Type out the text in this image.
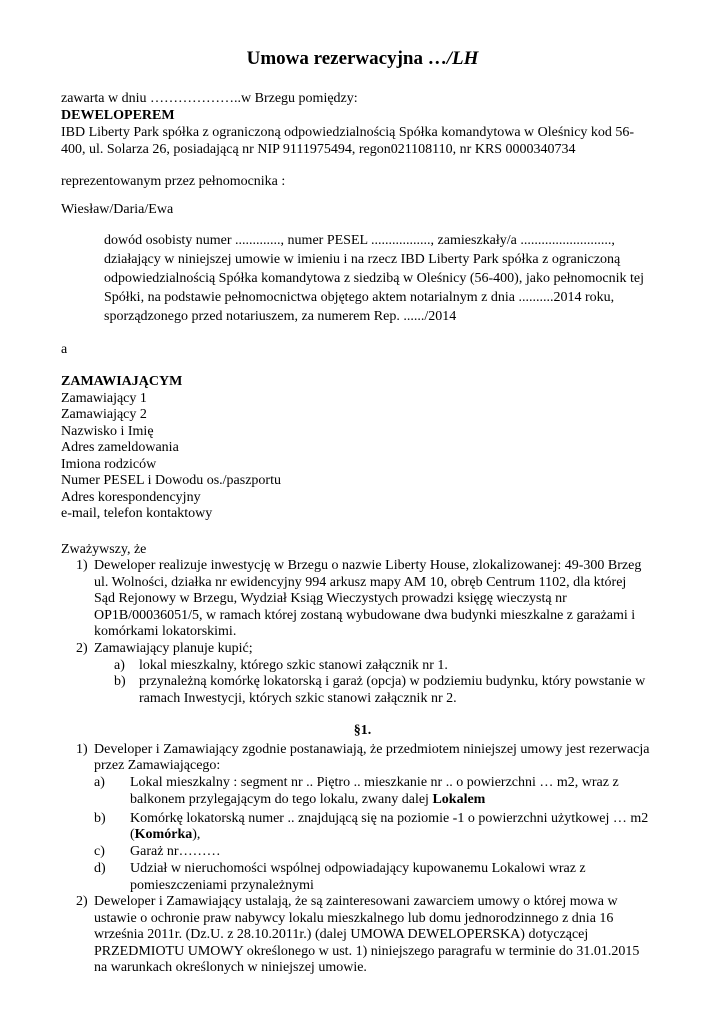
Umowa rezerwacyjna …/LH

zawarta w dniu ………………..w Brzegu pomiędzy:

DEWELOPEREM

IBD Liberty Park spółka z ograniczoną odpowiedzialnością Spółka komandytowa w Oleśnicy kod 56-

400, ul. Solarza 26, posiadającą nr NIP 9111975494, regon021108110, nr KRS 0000340734

reprezentowanym przez pełnomocnika :

Wiesław/Daria/Ewa

dowód osobisty numer ............., numer PESEL ................., zamieszkały/a ..........................,

działający w niniejszej umowie w imieniu i na rzecz IBD Liberty Park spółka z ograniczoną

odpowiedzialnością Spółka komandytowa z siedzibą w Oleśnicy (56-400), jako pełnomocnik tej

Spółki, na podstawie pełnomocnictwa objętego aktem notarialnym z dnia ..........2014 roku,

sporządzonego przed notariuszem, za numerem Rep. ....../2014

a

ZAMAWIAJĄCYM

Zamawiający 1

Zamawiający 2

Nazwisko i Imię

Adres zameldowania

Imiona rodziców

Numer PESEL i Dowodu os./paszportu

Adres korespondencyjny

e-mail, telefon kontaktowy

Zważywszy, że

1) Deweloper realizuje inwestycję w Brzegu o nazwie Liberty House, zlokalizowanej: 49-300 Brzeg

ul. Wolności, działka nr ewidencyjny 994 arkusz mapy AM 10, obręb Centrum 1102, dla której

Sąd Rejonowy w Brzegu, Wydział Ksiąg Wieczystych prowadzi księgę wieczystą nr

OP1B/00036051/5, w ramach której zostaną wybudowane dwa budynki mieszkalne z garażami i

komórkami lokatorskimi.

2) Zamawiający planuje kupić;

a) lokal mieszkalny, którego szkic stanowi załącznik nr 1.

b) przynależną komórkę lokatorską i garaż (opcja) w podziemiu budynku, który powstanie w

ramach Inwestycji, których szkic stanowi załącznik nr 2.

§1.

1) Developer i Zamawiający zgodnie postanawiają, że przedmiotem niniejszej umowy jest rezerwacja

przez Zamawiającego:

a) Lokal mieszkalny : segment nr .. Piętro .. mieszkanie nr .. o powierzchni … m2, wraz z

balkonem przylegającym do tego lokalu, zwany dalej Lokalem

b) Komórkę lokatorską numer .. znajdującą się na poziomie -1 o powierzchni użytkowej … m2

(Komórka),

c) Garaż nr………

d) Udział w nieruchomości wspólnej odpowiadający kupowanemu Lokalowi wraz z

pomieszczeniami przynależnymi

2) Deweloper i Zamawiający ustalają, że są zainteresowani zawarciem umowy o której mowa w

ustawie o ochronie praw nabywcy lokalu mieszkalnego lub domu jednorodzinnego z dnia 16

września 2011r. (Dz.U. z 28.10.2011r.) (dalej UMOWA DEWELOPERSKA) dotyczącej

PRZEDMIOTU UMOWY określonego w ust. 1) niniejszego paragrafu w terminie do 31.01.2015

na warunkach określonych w niniejszej umowie.
